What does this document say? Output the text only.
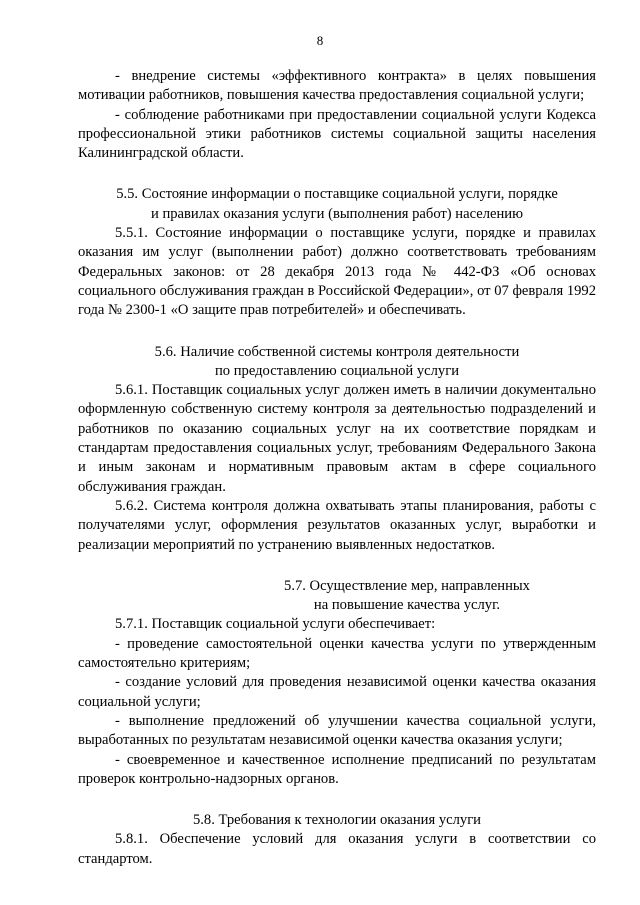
8

- внедрение системы «эффективного контракта» в целях повышения мотивации работников, повышения качества предоставления социальной услуги;

- соблюдение работниками при предоставлении социальной услуги Кодекса профессиональной этики работников системы социальной защиты населения Калининградской области.

5.5. Состояние информации о поставщике социальной услуги, порядке
и правилах оказания услуги (выполнения работ) населению

5.5.1. Состояние информации о поставщике услуги, порядке и правилах оказания им услуг (выполнении работ) должно соответствовать требованиям Федеральных законов: от 28 декабря 2013 года № 442-ФЗ «Об основах социального обслуживания граждан в Российской Федерации», от 07 февраля 1992 года № 2300-1 «О защите прав потребителей» и обеспечивать.

5.6. Наличие собственной системы контроля деятельности
по предоставлению социальной услуги

5.6.1. Поставщик социальных услуг должен иметь в наличии документально оформленную собственную систему контроля за деятельностью подразделений и работников по оказанию социальных услуг на их соответствие порядкам и стандартам предоставления социальных услуг, требованиям Федерального Закона и иным законам и нормативным правовым актам в сфере социального обслуживания граждан.

5.6.2. Система контроля должна охватывать этапы планирования, работы с получателями услуг, оформления результатов оказанных услуг, выработки и реализации мероприятий по устранению выявленных недостатков.

5.7. Осуществление мер, направленных
на повышение качества услуг.

5.7.1. Поставщик социальной услуги обеспечивает:

- проведение самостоятельной оценки качества услуги по утвержденным самостоятельно критериям;

- создание условий для проведения независимой оценки качества оказания социальной услуги;

- выполнение предложений об улучшении качества социальной услуги, выработанных по результатам независимой оценки качества оказания услуги;

- своевременное и качественное исполнение предписаний по результатам проверок контрольно-надзорных органов.

5.8. Требования к технологии оказания услуги

5.8.1. Обеспечение условий для оказания услуги в соответствии со стандартом.
